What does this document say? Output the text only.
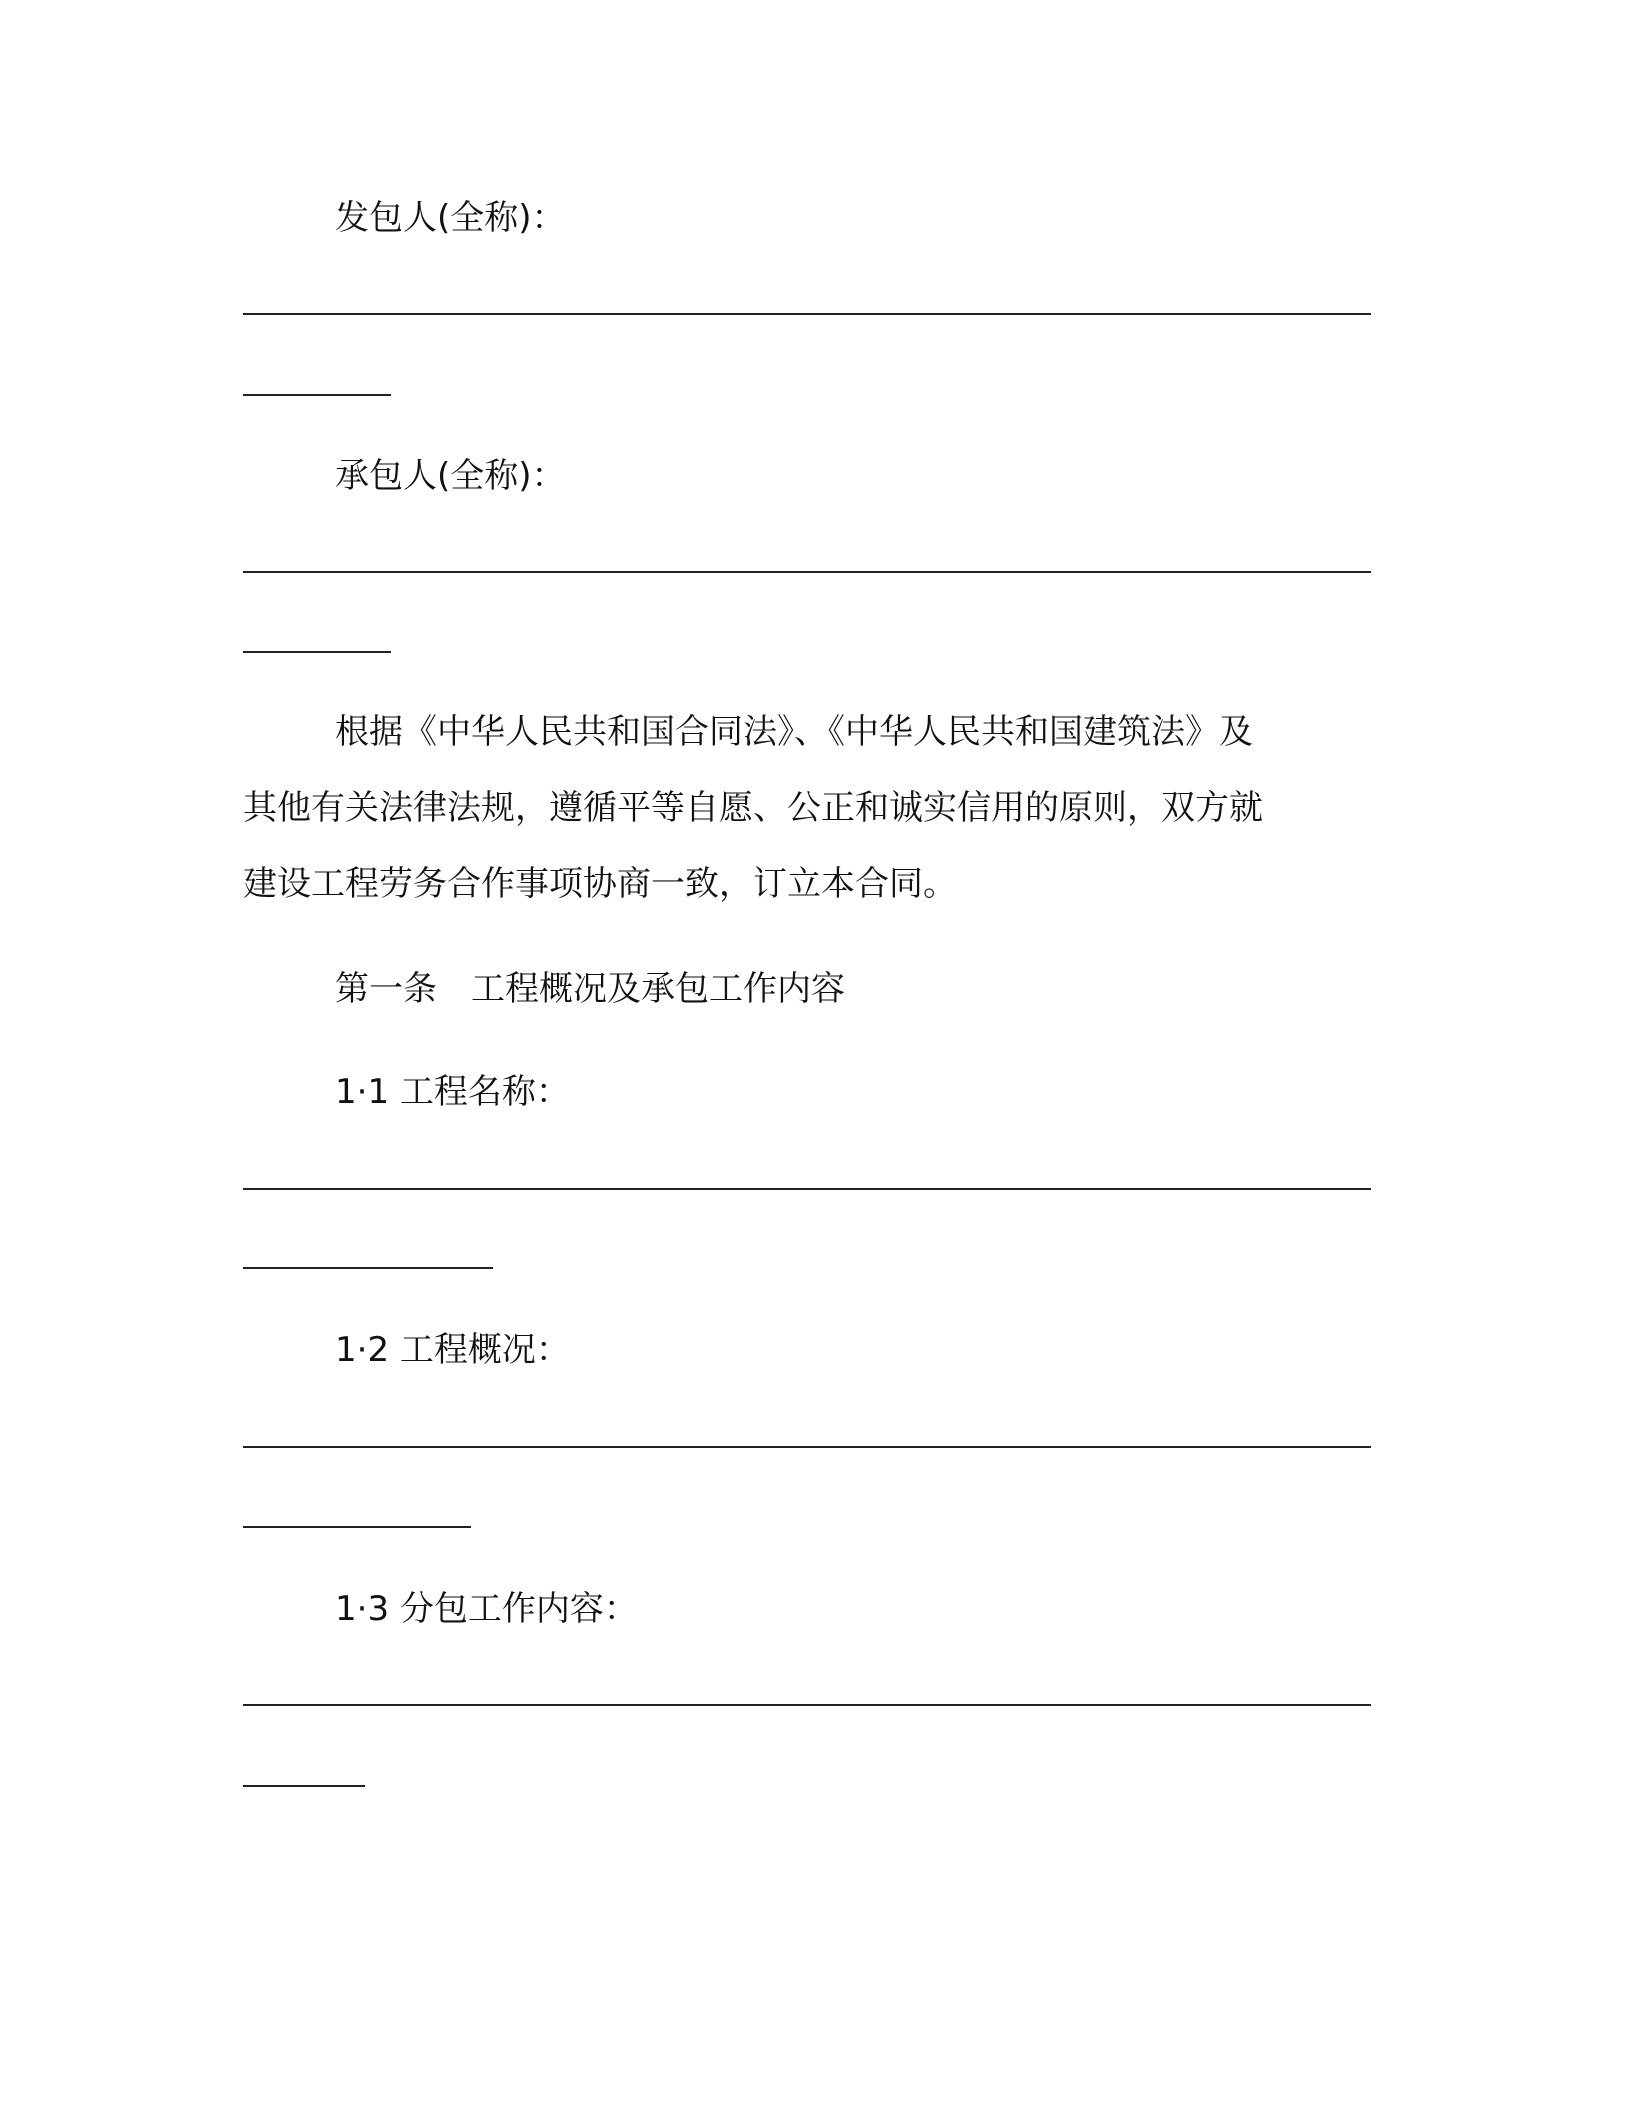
发包人(全称)：
承包人(全称)：
根据《中华人民共和国合同法》、《中华人民共和国建筑法》及
其他有关法律法规，遵循平等自愿、公正和诚实信用的原则，双方就
建设工程劳务合作事项协商一致，订立本合同。
第一条　工程概况及承包工作内容
1·1 工程名称：
1·2 工程概况：
1·3 分包工作内容：
